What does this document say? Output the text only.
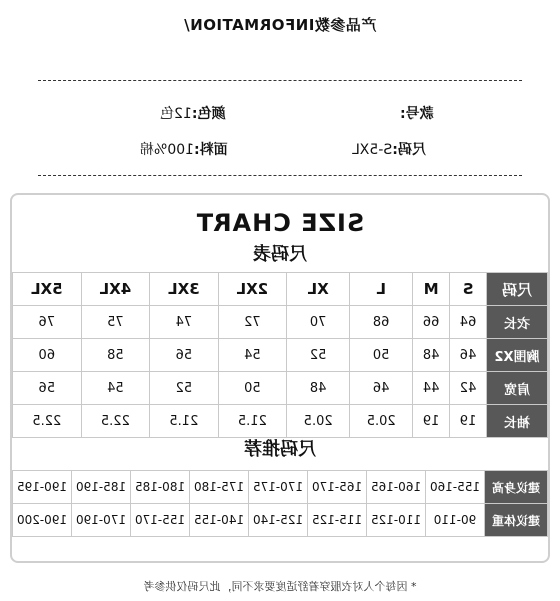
产品参数INFORMATION/
款号:
颜色:12色
尺码:S-5XL
面料:100%棉
SIZE CHART
尺码表
尺码	S	M	L	XL	2XL	3XL	4XL	5XL
衣长	64	66	68	70	72	74	75	76
胸围X2	46	48	50	52	54	56	58	60
肩宽	42	44	46	48	50	52	54	56
袖长	19	19	20.5	20.5	21.5	21.5	22.5	22.5
尺码推荐
建议身高	155-160	160-165	165-170	170-175	175-180	180-185	185-190	190-195
建议体重	90-110	110-125	115-125	125-140	140-155	155-170	170-190	190-200
* 因每个人对衣服穿着舒适度要求不同，此尺码仅供参考
